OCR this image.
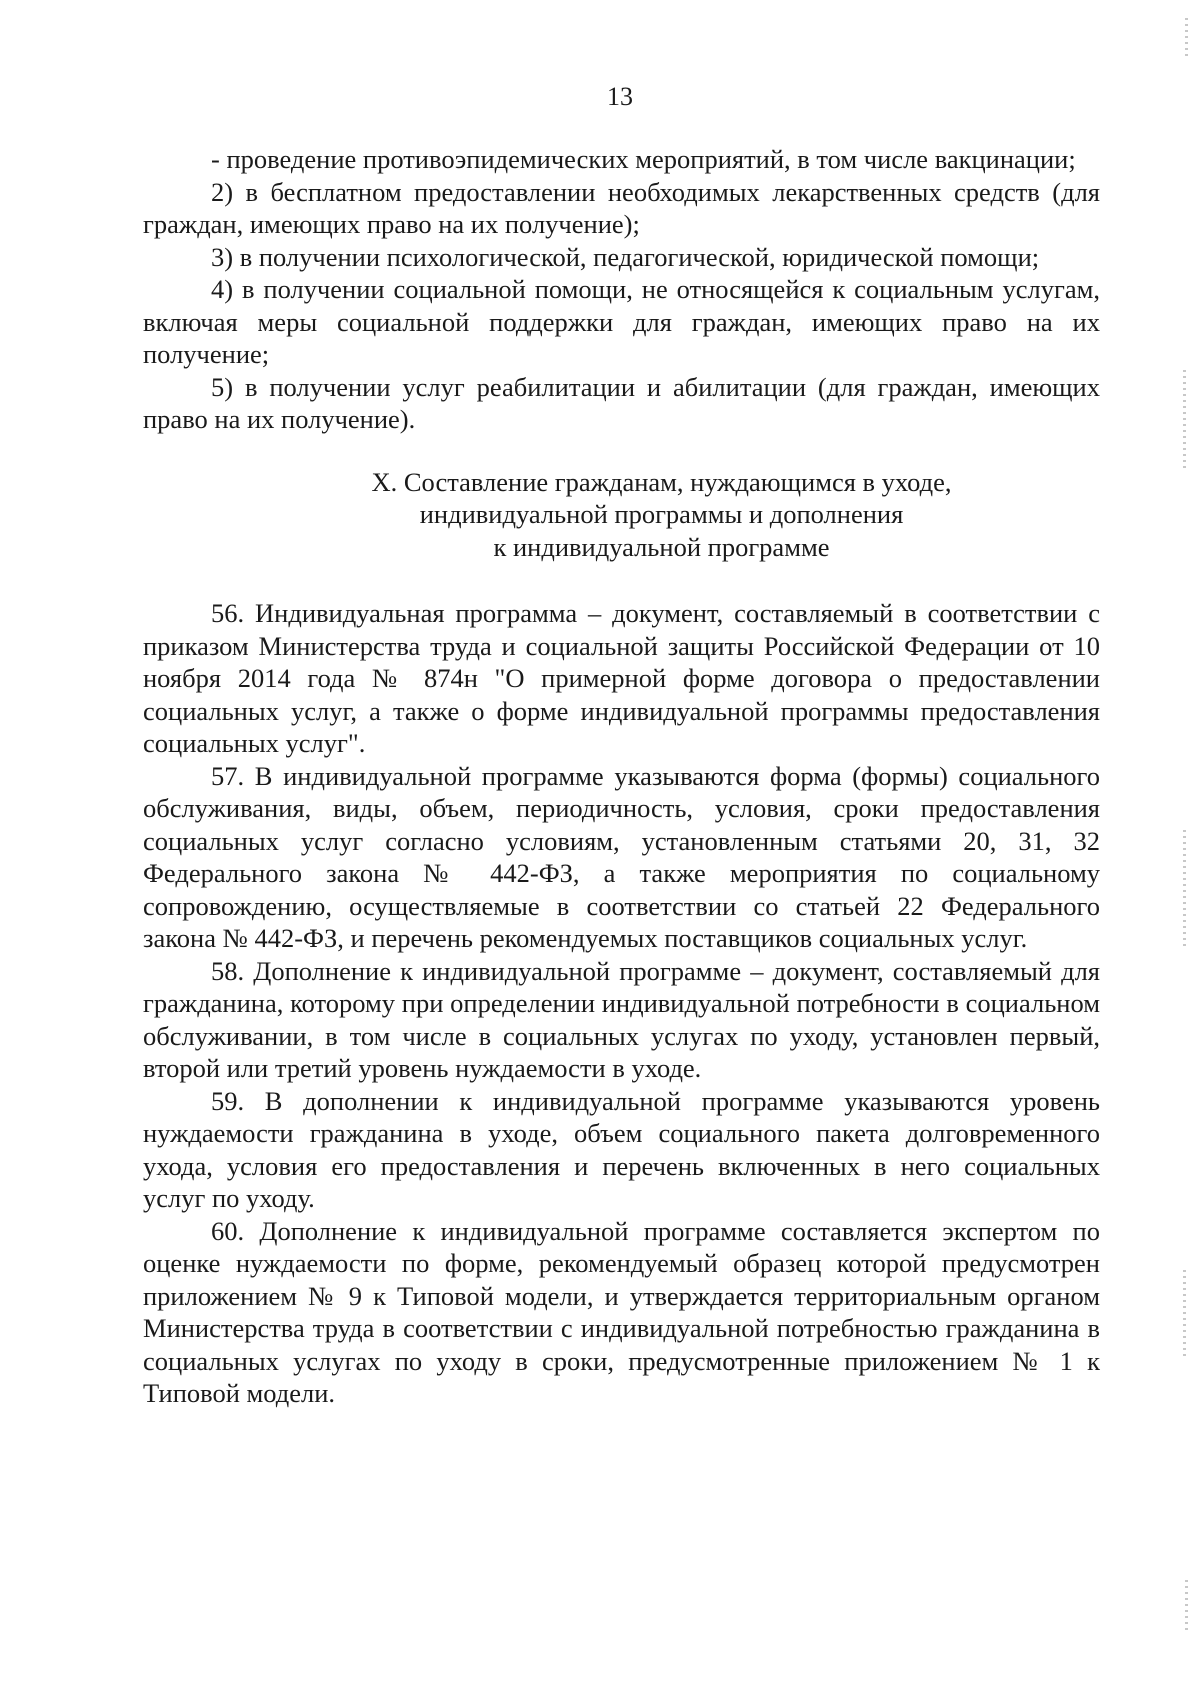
13

- проведение противоэпидемических мероприятий, в том числе вакцинации;

2) в бесплатном предоставлении необходимых лекарственных средств (для граждан, имеющих право на их получение);

3) в получении психологической, педагогической, юридической помощи;

4) в получении социальной помощи, не относящейся к социальным услугам, включая меры социальной поддержки для граждан, имеющих право на их получение;

5) в получении услуг реабилитации и абилитации (для граждан, имеющих право на их получение).

X. Составление гражданам, нуждающимся в уходе,
индивидуальной программы и дополнения
к индивидуальной программе

56. Индивидуальная программа – документ, составляемый в соответствии с приказом Министерства труда и социальной защиты Российской Федерации от 10 ноября 2014 года № 874н "О примерной форме договора о предоставлении социальных услуг, а также о форме индивидуальной программы предоставления социальных услуг".

57. В индивидуальной программе указываются форма (формы) социального обслуживания, виды, объем, периодичность, условия, сроки предоставления социальных услуг согласно условиям, установленным статьями 20, 31, 32 Федерального закона № 442-ФЗ, а также мероприятия по социальному сопровождению, осуществляемые в соответствии со статьей 22 Федерального закона № 442-ФЗ, и перечень рекомендуемых поставщиков социальных услуг.

58. Дополнение к индивидуальной программе – документ, составляемый для гражданина, которому при определении индивидуальной потребности в социальном обслуживании, в том числе в социальных услугах по уходу, установлен первый, второй или третий уровень нуждаемости в уходе.

59. В дополнении к индивидуальной программе указываются уровень нуждаемости гражданина в уходе, объем социального пакета долговременного ухода, условия его предоставления и перечень включенных в него социальных услуг по уходу.

60. Дополнение к индивидуальной программе составляется экспертом по оценке нуждаемости по форме, рекомендуемый образец которой предусмотрен приложением № 9 к Типовой модели, и утверждается территориальным органом Министерства труда в соответствии с индивидуальной потребностью гражданина в социальных услугах по уходу в сроки, предусмотренные приложением № 1 к Типовой модели.
